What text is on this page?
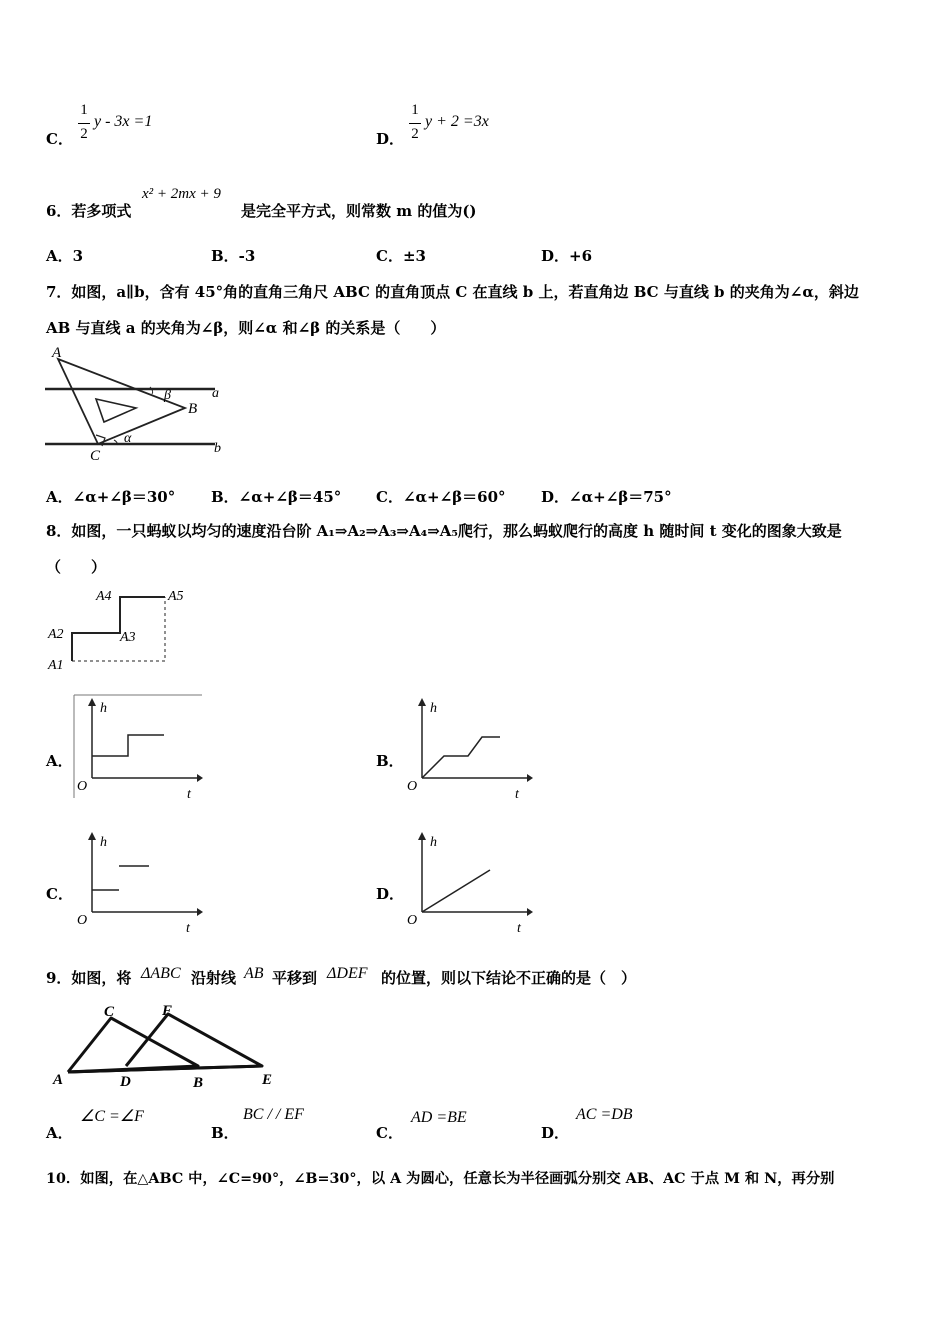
C．
1
2
y - 3x =1
D．
1
2
y + 2 =3x
6．若多项式
x² + 2mx + 9
是完全平方式，则常数 m 的值为()
A．3	B．-3	C．±3	D．+6
7．如图，a∥b，含有 45°角的直角三角尺 ABC 的直角顶点 C 在直线 b 上，若直角边 BC 与直线 b 的夹角为∠α，斜边
AB 与直线 a 的夹角为∠β，则∠α 和∠β 的关系是（　　）
A
B
C
a
b
β
α
A．∠α+∠β＝30° B．∠α+∠β＝45° C．∠α+∠β＝60° D．∠α+∠β＝75°
8．如图，一只蚂蚁以均匀的速度沿台阶 A₁⇒A₂⇒A₃⇒A₄⇒A₅爬行，那么蚂蚁爬行的高度 h 随时间 t 变化的图象大致是
（　　）
A1
A2	A3
A4	A5
A．
h
t
O
B．
h
t
O
C．
h
t
O
D．
h
t
O
9．如图，将 ΔABC 沿射线 AB 平移到 ΔDEF 的位置，则以下结论不正确的是（　）
A
C
D
F
B	E
A．
∠C =∠F
B．
BC / / EF
C．
AD =BE
D．
AC =DB
10．如图，在△ABC 中，∠C=90°，∠B=30°，以 A 为圆心，任意长为半径画弧分别交 AB、AC 于点 M 和 N，再分别
